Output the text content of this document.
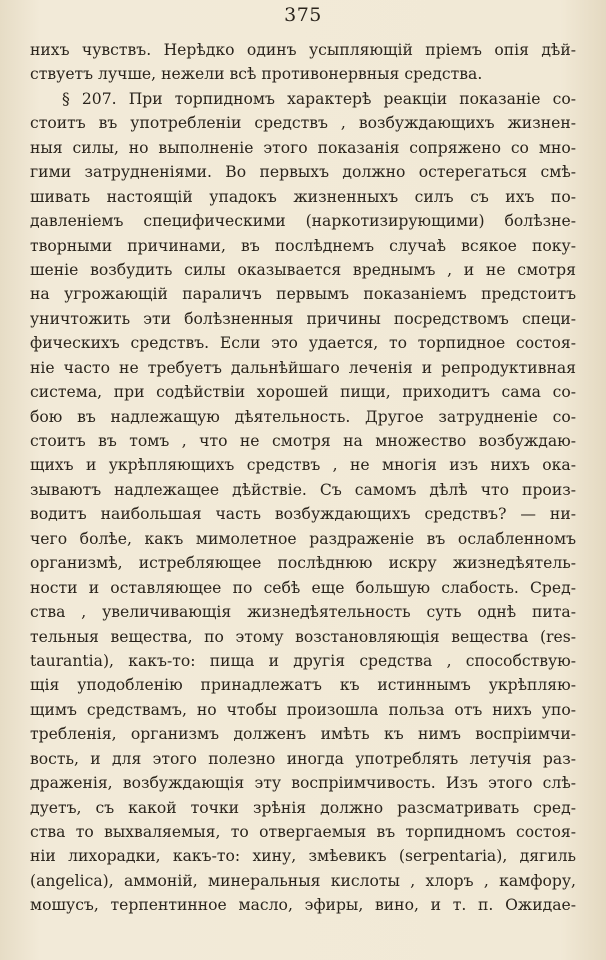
375
нихъ чувствъ. Нерѣдко одинъ усыпляющiй прiемъ опiя дѣй-
ствуетъ лучше, нежели всѣ противонервныя средства.
§ 207. При торпидномъ характерѣ реакцiи показанiе со-
стоитъ въ употребленiи средствъ , возбуждающихъ жизнен-
ныя силы, но выполненiе этого показанiя сопряжено со мно-
гими затрудненiями. Во первыхъ должно остерегаться смѣ-
шивать настоящiй упадокъ жизненныхъ силъ съ ихъ по-
давленiемъ специфическими (наркотизирующими) болѣзне-
творными причинами, въ послѣднемъ случаѣ всякое поку-
шенiе возбудить силы оказывается вреднымъ , и не смотря
на угрожающiй параличъ первымъ показанiемъ предстоитъ
уничтожить эти болѣзненныя причины посредствомъ специ-
фическихъ средствъ. Если это удается, то торпидное состоя-
нiе часто не требуетъ дальнѣйшаго леченiя и репродуктивная
система, при содѣйствiи хорошей пищи, приходитъ сама со-
бою въ надлежащую дѣятельность. Другое затрудненiе со-
стоитъ въ томъ , что не смотря на множество возбуждаю-
щихъ и укрѣпляющихъ средствъ , не многiя изъ нихъ ока-
зываютъ надлежащее дѣйствiе. Съ самомъ дѣлѣ что произ-
водитъ наибольшая часть возбуждающихъ средствъ? — ни-
чего болѣе, какъ мимолетное раздраженiе въ ослабленномъ
организмѣ, истребляющее послѣднюю искру жизнедѣятель-
ности и оставляющее по себѣ еще большую слабость. Сред-
ства , увеличивающiя жизнедѣятельность суть однѣ пита-
тельныя вещества, по этому возстановляющiя вещества (res-
taurantia), какъ-то: пища и другiя средства , способствую-
щiя уподобленiю принадлежатъ къ истиннымъ укрѣпляю-
щимъ средствамъ, но чтобы произошла польза отъ нихъ упо-
требленiя, организмъ долженъ имѣть къ нимъ воспрiимчи-
вость, и для этого полезно иногда употреблять летучiя раз-
драженiя, возбуждающiя эту воспрiимчивость. Изъ этого слѣ-
дуетъ, съ какой точки зрѣнiя должно разсматривать сред-
ства то выхваляемыя, то отвергаемыя въ торпидномъ состоя-
нiи лихорадки, какъ-то: хину, змѣевикъ (serpentaria), дягиль
(angelica), аммонiй, минеральныя кислоты , хлоръ , камфору,
мошусъ, терпентинное масло, эфиры, вино, и т. п. Ожидае-
